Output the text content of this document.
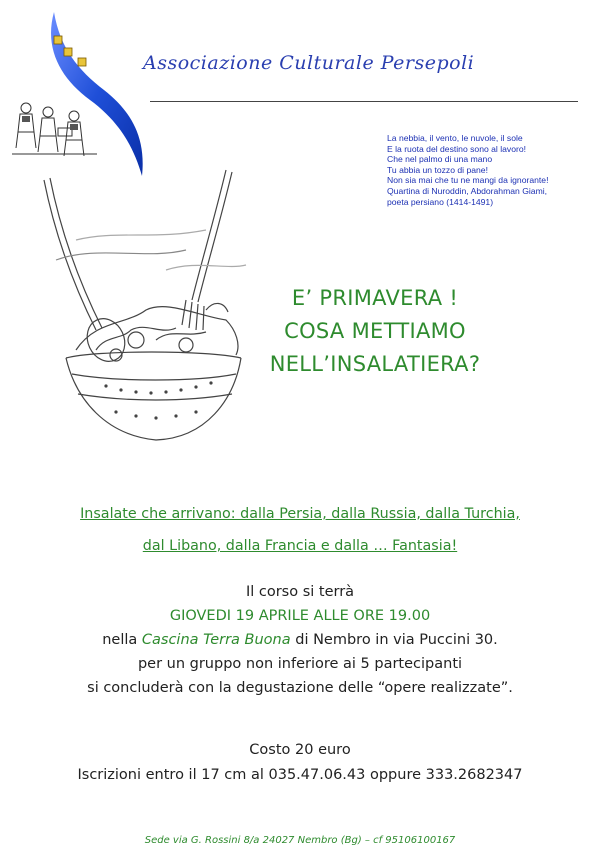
Associazione Culturale Persepoli
La nebbia, il vento, le nuvole, il sole
E la ruota del destino sono al lavoro!
Che nel palmo di una mano
Tu abbia un tozzo di pane!
Non sia mai che tu ne mangi da ignorante!
Quartina di Nuroddin, Abdorahman Giami,
poeta persiano (1414-1491)
E’ PRIMAVERA !
COSA METTIAMO
NELL’INSALATIERA?
Insalate che arrivano: dalla Persia, dalla Russia, dalla Turchia,
dal Libano, dalla Francia e dalla … Fantasia!
Il corso si terrà
GIOVEDI 19 APRILE ALLE ORE 19.00
nella Cascina Terra Buona di Nembro in via Puccini 30.
per un gruppo non inferiore ai 5 partecipanti
si concluderà con la degustazione delle “opere realizzate”.
Costo 20 euro
Iscrizioni entro il 17 cm al 035.47.06.43 oppure 333.2682347
Sede via G. Rossini 8/a 24027 Nembro (Bg) – cf 95106100167
